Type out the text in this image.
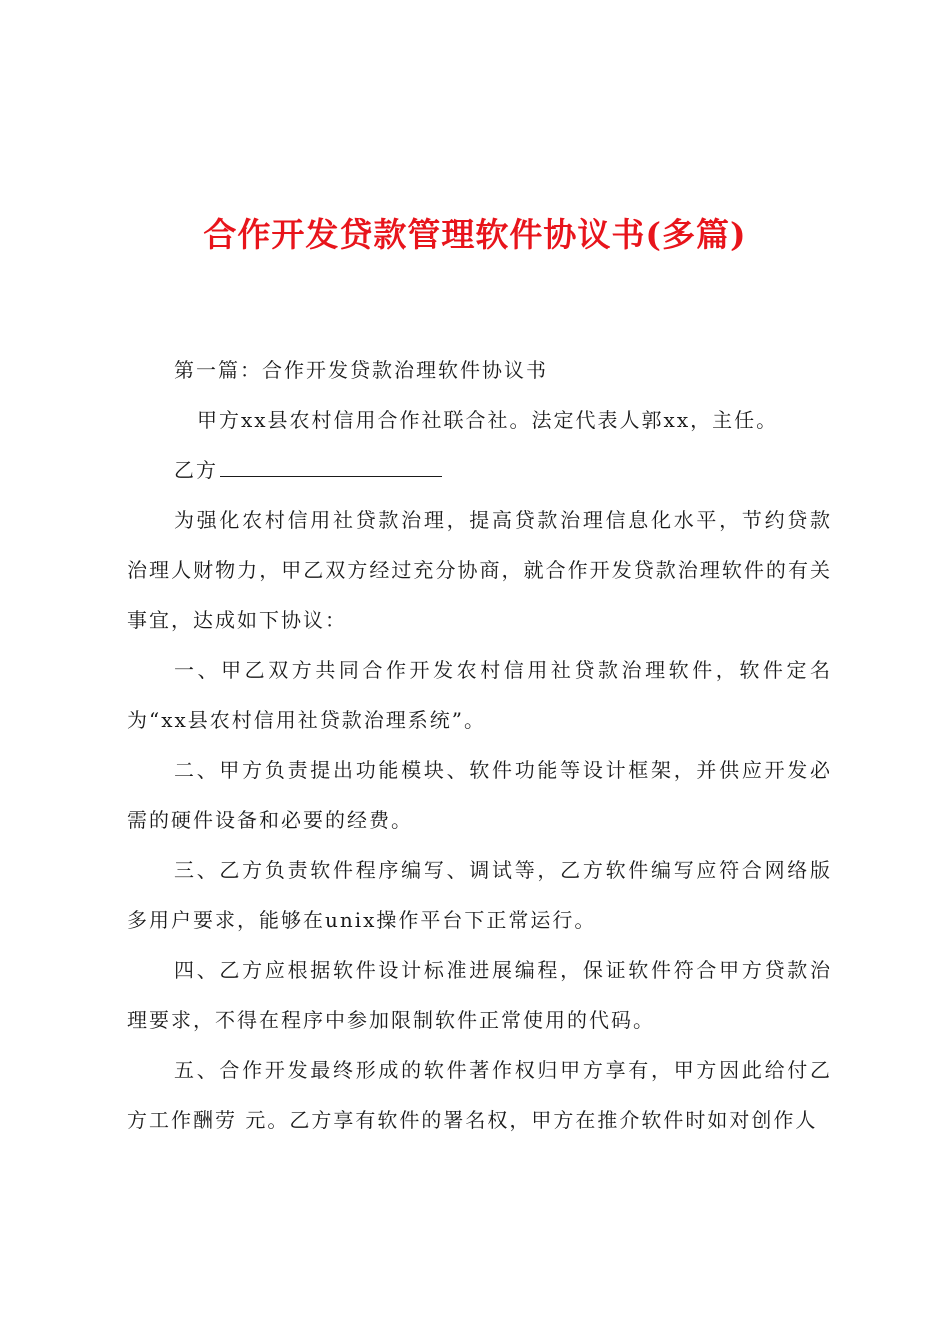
合作开发贷款管理软件协议书(多篇)

第一篇：合作开发贷款治理软件协议书

甲方xx县农村信用合作社联合社。法定代表人郭xx，主任。

乙方

为强化农村信用社贷款治理，提高贷款治理信息化水平，节约贷款治理人财物力，甲乙双方经过充分协商，就合作开发贷款治理软件的有关事宜，达成如下协议：

一、甲乙双方共同合作开发农村信用社贷款治理软件，软件定名为“xx县农村信用社贷款治理系统”。

二、甲方负责提出功能模块、软件功能等设计框架，并供应开发必需的硬件设备和必要的经费。

三、乙方负责软件程序编写、调试等，乙方软件编写应符合网络版多用户要求，能够在unix操作平台下正常运行。

四、乙方应根据软件设计标准进展编程，保证软件符合甲方贷款治理要求，不得在程序中参加限制软件正常使用的代码。

五、合作开发最终形成的软件著作权归甲方享有，甲方因此给付乙方工作酬劳 元。乙方享有软件的署名权，甲方在推介软件时如对创作人
